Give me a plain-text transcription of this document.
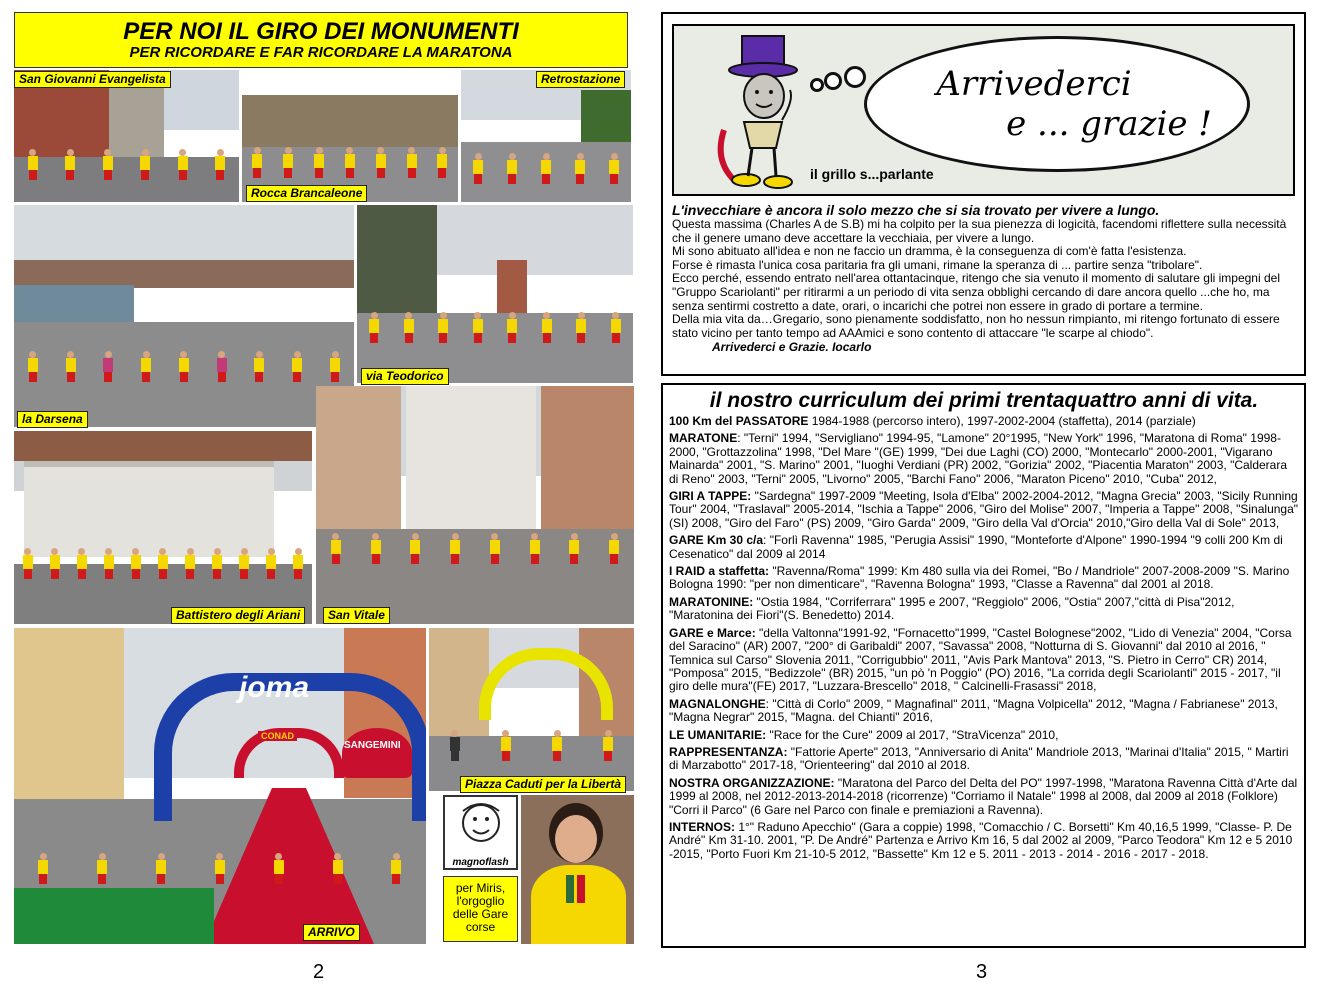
PER NOI IL GIRO DEI MONUMENTI
PER RICORDARE E FAR RICORDARE LA MARATONA
San Giovanni Evangelista
Rocca Brancaleone
Retrostazione
la Darsena
via Teodorico
Battistero degli Ariani	San Vitale
joma
CONAD
SANGEMINI
ARRIVO
Piazza Caduti per la Libertà
magnoflash
per Miris, l'orgoglio delle Gare corse
2
Arrivederci
e ... grazie !
il grillo s...parlante
L'invecchiare è ancora il solo mezzo che si sia trovato per vivere a lungo.
Questa massima (Charles A de S.B) mi ha colpito per la sua pienezza di logicità, facendomi riflettere sulla necessità che il genere umano deve accettare la vecchiaia, per vivere a lungo.
Mi sono abituato all'idea e non ne faccio un dramma, è la conseguenza di com'è fatta l'esistenza.
Forse è rimasta l'unica cosa paritaria fra gli umani, rimane la speranza di ... partire senza "tribolare".
Ecco perché, essendo entrato nell'area ottantacinque, ritengo che sia venuto il momento di salutare gli impegni del "Gruppo Scariolanti" per ritirarmi a un periodo di vita senza obblighi cercando di dare ancora quello ...che ho, ma senza sentirmi costretto a date, orari, o incarichi che potrei non essere in grado di portare a termine.
Della mia vita da…Gregario, sono pienamente soddisfatto, non ho nessun rimpianto, mi ritengo fortunato di essere stato vicino per tanto tempo ad AAAmici e sono contento di attaccare "le scarpe al chiodo".
Arrivederci e Grazie. Iocarlo
il nostro curriculum dei primi trentaquattro anni di vita.

100 Km del PASSATORE 1984-1988 (percorso intero), 1997-2002-2004 (staffetta), 2014 (parziale)

MARATONE: "Terni" 1994, "Servigliano" 1994-95, "Lamone" 20°1995, "New York" 1996, "Maratona di Roma" 1998-2000, "Grottazzolina" 1998, "Del Mare "(GE) 1999, "Dei due Laghi (CO) 2000, "Montecarlo" 2000-2001, "Vigarano Mainarda" 2001, "S. Marino" 2001, "Iuoghi Verdiani (PR) 2002, "Gorizia" 2002, "Piacentia Maraton" 2003, "Calderara di Reno" 2003, "Terni" 2005, "Livorno" 2005, "Barchi Fano" 2006, "Maraton Piceno" 2010, "Cuba" 2012,

GIRI A TAPPE: "Sardegna" 1997-2009 "Meeting, Isola d'Elba" 2002-2004-2012, "Magna Grecia" 2003, "Sicily Running Tour" 2004, "Traslaval" 2005-2014, "Ischia a Tappe" 2006, "Giro del Molise" 2007, "Imperia a Tappe" 2008, "Sinalunga" (SI) 2008, "Giro del Faro" (PS) 2009, "Giro Garda" 2009, "Giro della Val d'Orcia" 2010,"Giro della Val di Sole" 2013,

GARE Km 30 c/a: "Forlì Ravenna" 1985, "Perugia Assisi" 1990, "Monteforte d'Alpone" 1990-1994 "9 colli 200 Km di Cesenatico" dal 2009 al 2014

I RAID a staffetta: "Ravenna/Roma" 1999: Km 480 sulla via dei Romei, "Bo / Mandriole" 2007-2008-2009 "S. Marino Bologna 1990: "per non dimenticare", "Ravenna Bologna" 1993, "Classe a Ravenna" dal 2001 al 2018.

MARATONINE: "Ostia 1984, "Corriferrara" 1995 e 2007, "Reggiolo" 2006, "Ostia" 2007,"città di Pisa"2012, "Maratonina dei Fiori"(S. Benedetto) 2014.

GARE e Marce: "della Valtonna"1991-92, "Fornacetto"1999, "Castel Bolognese"2002, "Lido di Venezia" 2004, "Corsa del Saracino" (AR) 2007, "200° di Garibaldi" 2007, "Savassa" 2008, "Notturna di S. Giovanni" dal 2010 al 2016, " Temnica sul Carso" Slovenia 2011, "Corrigubbio" 2011, "Avis Park Mantova" 2013, "S. Pietro in Cerro" CR) 2014, "Pomposa" 2015, "Bedizzole" (BR) 2015, "un pò 'n Poggio" (PO) 2016, "La corrida degli Scariolanti" 2015 - 2017, "il giro delle mura"(FE) 2017, "Luzzara-Brescello" 2018, " Calcinelli-Frasassi" 2018,

MAGNALONGHE: "Città di Corlo" 2009, " Magnafinal" 2011, "Magna Volpicella" 2012, "Magna / Fabrianese" 2013, "Magna Negrar" 2015, "Magna. del Chianti" 2016,

LE UMANITARIE: "Race for the Cure" 2009 al 2017, "StraVicenza" 2010,

RAPPRESENTANZA: "Fattorie Aperte" 2013, "Anniversario di Anita" Mandriole 2013, "Marinai d'Italia" 2015, " Martiri di Marzabotto" 2017-18, "Orienteering" dal 2010 al 2018.

NOSTRA ORGANIZZAZIONE: "Maratona del Parco del Delta del PO" 1997-1998, "Maratona Ravenna Città d'Arte dal 1999 al 2008, nel 2012-2013-2014-2018 (ricorrenze) "Corriamo il Natale" 1998 al 2008, dal 2009 al 2018 (Folklore) "Corri il Parco" (6 Gare nel Parco con finale e premiazioni a Ravenna).

INTERNOS: 1°" Raduno Apecchio" (Gara a coppie) 1998, "Comacchio / C. Borsetti" Km 40,16,5 1999, "Classe- P. De André" Km 31-10. 2001, "P. De André" Partenza e Arrivo Km 16, 5 dal 2002 al 2009, "Parco Teodora" Km 12 e 5 2010 -2015, "Porto Fuori Km 21-10-5 2012, "Bassette" Km 12 e 5. 2011 - 2013 - 2014 - 2016 - 2017 - 2018.

3
